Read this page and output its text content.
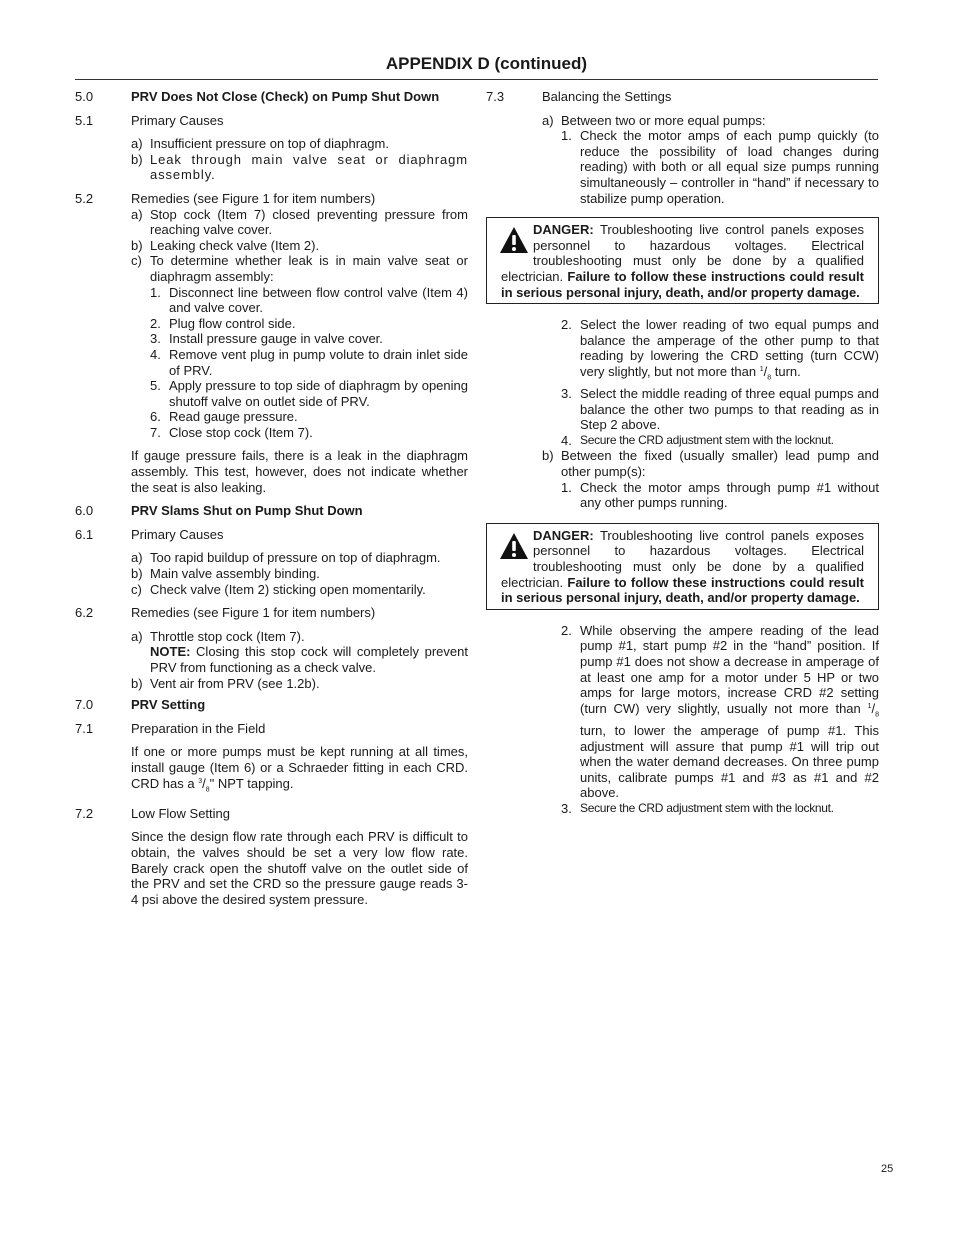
APPENDIX D (continued)
5.0	PRV Does Not Close (Check) on Pump Shut Down
5.1	Primary Causes
a) Insufficient pressure on top of diaphragm.
b) Leak through main valve seat or diaphragm assembly.
5.2	Remedies (see Figure 1 for item numbers)
a) Stop cock (Item 7) closed preventing pressure from reaching valve cover.
b) Leaking check valve (Item 2).
c) To determine whether leak is in main valve seat or diaphragm assembly:
1. Disconnect line between flow control valve (Item 4) and valve cover.
2. Plug flow control side.
3. Install pressure gauge in valve cover.
4. Remove vent plug in pump volute to drain inlet side of PRV.
5. Apply pressure to top side of diaphragm by opening shutoff valve on outlet side of PRV.
6. Read gauge pressure.
7. Close stop cock (Item 7).
If gauge pressure fails, there is a leak in the diaphragm assembly. This test, however, does not indicate whether the seat is also leaking.
6.0	PRV Slams Shut on Pump Shut Down
6.1	Primary Causes
a) Too rapid buildup of pressure on top of diaphragm.
b) Main valve assembly binding.
c) Check valve (Item 2) sticking open momentarily.
6.2	Remedies (see Figure 1 for item numbers)
a) Throttle stop cock (Item 7).
NOTE: Closing this stop cock will completely prevent PRV from functioning as a check valve.
b) Vent air from PRV (see 1.2b).
7.0	PRV Setting
7.1	Preparation in the Field
If one or more pumps must be kept running at all times, install gauge (Item 6) or a Schraeder fitting in each CRD. CRD has a $^3/_8$" NPT tapping.
7.2	Low Flow Setting
Since the design flow rate through each PRV is difficult to obtain, the valves should be set a very low flow rate. Barely crack open the shutoff valve on the outlet side of the PRV and set the CRD so the pressure gauge reads 3-4 psi above the desired system pressure.
7.3	Balancing the Settings
a) Between two or more equal pumps:
1. Check the motor amps of each pump quickly (to reduce the possibility of load changes during reading) with both or all equal size pumps running simultaneously – controller in “hand” if necessary to stabilize pump operation.
DANGER: Troubleshooting live control panels exposes personnel to hazardous voltages. Electrical troubleshooting must only be done by a qualified electrician. Failure to follow these instructions could result in serious personal injury, death, and/or property damage.
2. Select the lower reading of two equal pumps and balance the amperage of the other pump to that reading by lowering the CRD setting (turn CCW) very slightly, but not more than $^1/_8$ turn.
3. Select the middle reading of three equal pumps and balance the other two pumps to that reading as in Step 2 above.
4. Secure the CRD adjustment stem with the locknut.
b) Between the fixed (usually smaller) lead pump and other pump(s):
1. Check the motor amps through pump #1 without any other pumps running.
DANGER: Troubleshooting live control panels exposes personnel to hazardous voltages. Electrical troubleshooting must only be done by a qualified electrician. Failure to follow these instructions could result in serious personal injury, death, and/or property damage.
2. While observing the ampere reading of the lead pump #1, start pump #2 in the “hand” position. If pump #1 does not show a decrease in amperage of at least one amp for a motor under 5 HP or two amps for large motors, increase CRD #2 setting (turn CW) very slightly, usually not more than $^1/_8$ turn, to lower the amperage of pump #1. This adjustment will assure that pump #1 will trip out when the water demand decreases. On three pump units, calibrate pumps #1 and #3 as #1 and #2 above.
3. Secure the CRD adjustment stem with the locknut.
25
